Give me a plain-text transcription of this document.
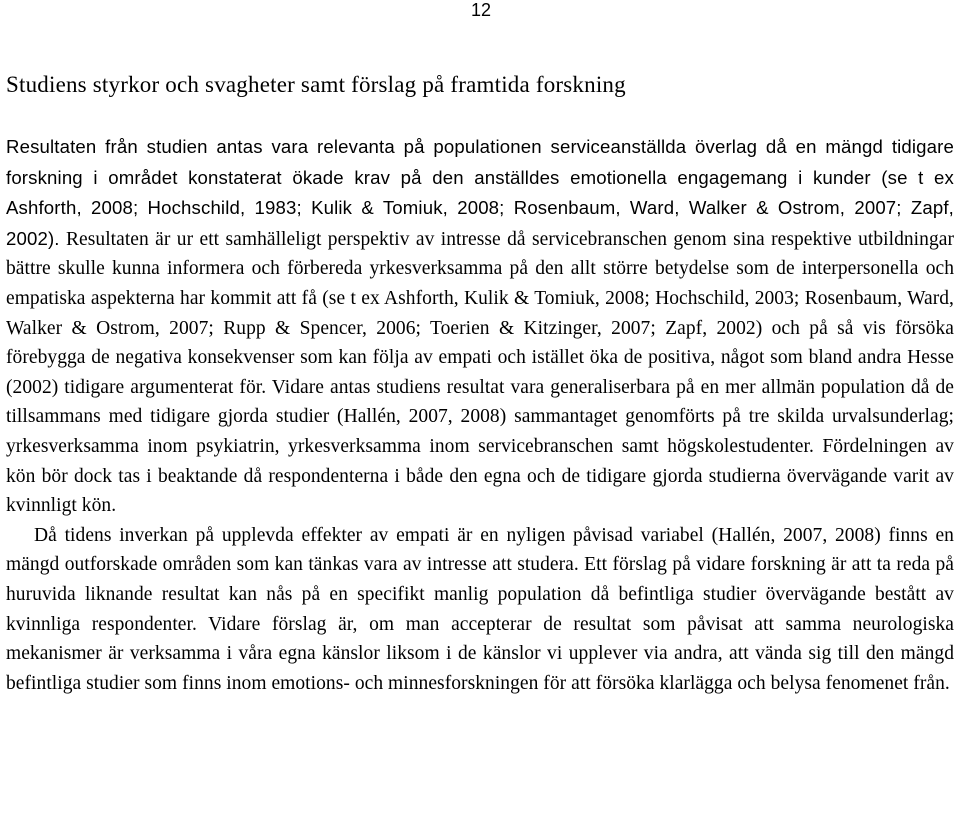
12
Studiens styrkor och svagheter samt förslag på framtida forskning

Resultaten från studien antas vara relevanta på populationen serviceanställda överlag då en mängd tidigare forskning i området konstaterat ökade krav på den anställdes emotionella engagemang i kunder (se t ex Ashforth, 2008; Hochschild, 1983; Kulik & Tomiuk, 2008; Rosenbaum, Ward, Walker & Ostrom, 2007; Zapf, 2002). Resultaten är ur ett samhälleligt perspektiv av intresse då servicebranschen genom sina respektive utbildningar bättre skulle kunna informera och förbereda yrkesverksamma på den allt större betydelse som de interpersonella och empatiska aspekterna har kommit att få (se t ex Ashforth, Kulik & Tomiuk, 2008; Hochschild, 2003; Rosenbaum, Ward, Walker & Ostrom, 2007; Rupp & Spencer, 2006; Toerien & Kitzinger, 2007; Zapf, 2002) och på så vis försöka förebygga de negativa konsekvenser som kan följa av empati och istället öka de positiva, något som bland andra Hesse (2002) tidigare argumenterat för. Vidare antas studiens resultat vara generaliserbara på en mer allmän population då de tillsammans med tidigare gjorda studier (Hallén, 2007, 2008) sammantaget genomförts på tre skilda urvalsunderlag; yrkesverksamma inom psykiatrin, yrkesverksamma inom servicebranschen samt högskolestudenter. Fördelningen av kön bör dock tas i beaktande då respondenterna i både den egna och de tidigare gjorda studierna övervägande varit av kvinnligt kön.

Då tidens inverkan på upplevda effekter av empati är en nyligen påvisad variabel (Hallén, 2007, 2008) finns en mängd outforskade områden som kan tänkas vara av intresse att studera. Ett förslag på vidare forskning är att ta reda på huruvida liknande resultat kan nås på en specifikt manlig population då befintliga studier övervägande bestått av kvinnliga respondenter. Vidare förslag är, om man accepterar de resultat som påvisat att samma neurologiska mekanismer är verksamma i våra egna känslor liksom i de känslor vi upplever via andra, att vända sig till den mängd befintliga studier som finns inom emotions- och minnesforskningen för att försöka klarlägga och belysa fenomenet från.
